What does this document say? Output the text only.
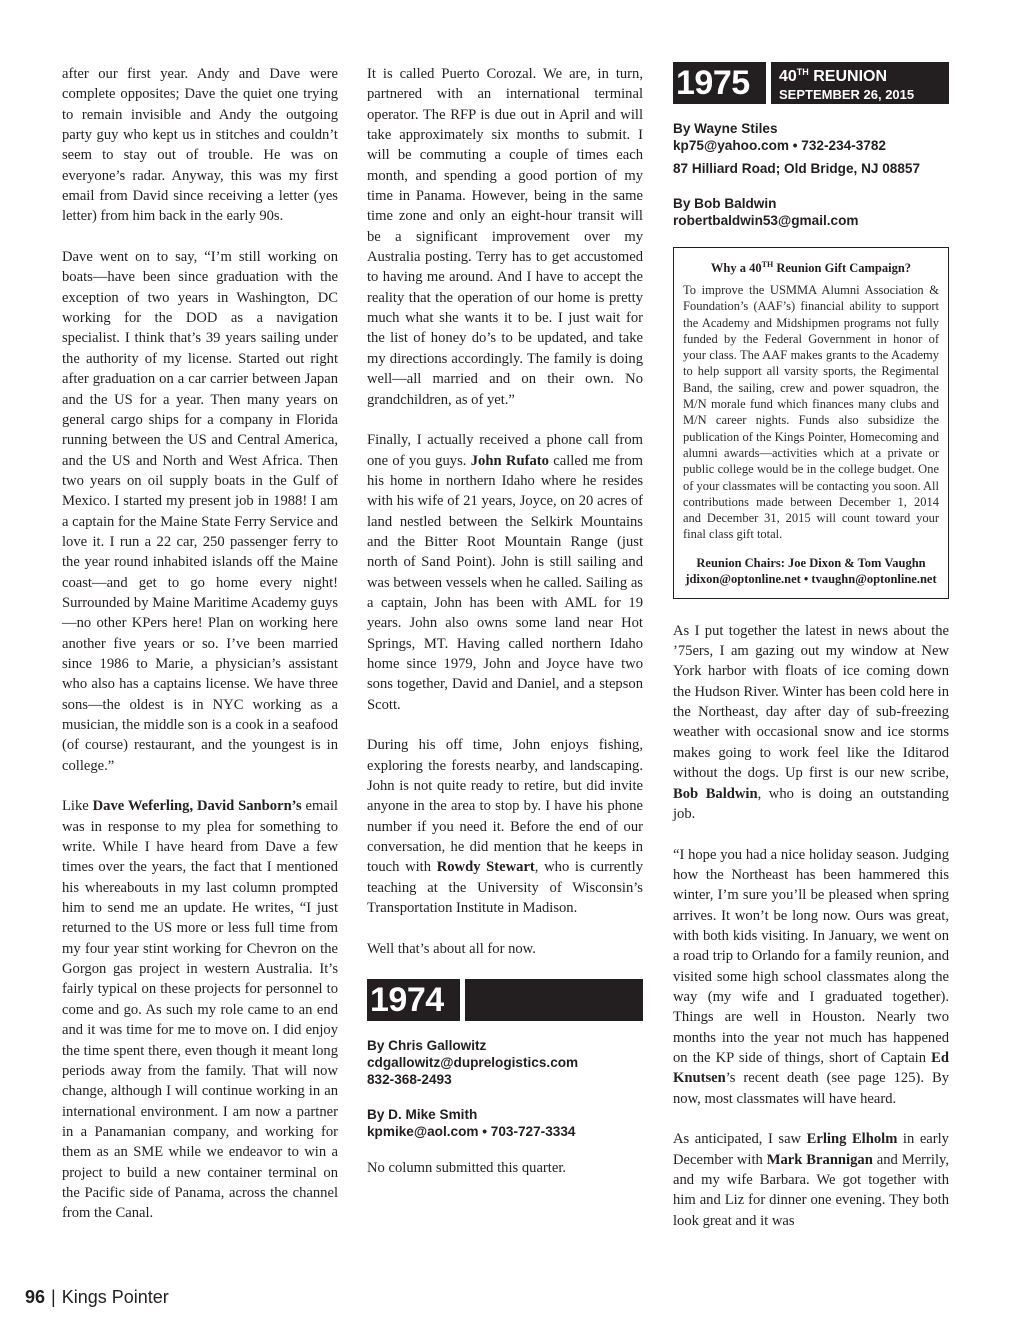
after our first year. Andy and Dave were complete opposites; Dave the quiet one trying to remain invisible and Andy the outgoing party guy who kept us in stitches and couldn’t seem to stay out of trouble. He was on everyone’s radar. Anyway, this was my first email from David since receiving a letter (yes letter) from him back in the early 90s.

Dave went on to say, “I’m still working on boats—have been since graduation with the exception of two years in Washington, DC working for the DOD as a navigation specialist. I think that’s 39 years sailing under the authority of my license. Started out right after graduation on a car carrier between Japan and the US for a year. Then many years on general cargo ships for a company in Florida running between the US and Central America, and the US and North and West Africa. Then two years on oil supply boats in the Gulf of Mexico. I started my present job in 1988! I am a captain for the Maine State Ferry Service and love it. I run a 22 car, 250 passenger ferry to the year round inhabited islands off the Maine coast—and get to go home every night! Surrounded by Maine Maritime Academy guys—no other KPers here! Plan on working here another five years or so. I’ve been married since 1986 to Marie, a physician’s assistant who also has a captains license. We have three sons—the oldest is in NYC working as a musician, the middle son is a cook in a seafood (of course) restaurant, and the youngest is in college.”

Like Dave Weferling, David Sanborn’s email was in response to my plea for something to write. While I have heard from Dave a few times over the years, the fact that I mentioned his whereabouts in my last column prompted him to send me an update. He writes, “I just returned to the US more or less full time from my four year stint working for Chevron on the Gorgon gas project in western Australia. It’s fairly typical on these projects for personnel to come and go. As such my role came to an end and it was time for me to move on. I did enjoy the time spent there, even though it meant long periods away from the family. That will now change, although I will continue working in an international environment. I am now a partner in a Panamanian company, and working for them as an SME while we endeavor to win a project to build a new container terminal on the Pacific side of Panama, across the channel from the Canal.

It is called Puerto Corozal. We are, in turn, partnered with an international terminal operator. The RFP is due out in April and will take approximately six months to submit. I will be commuting a couple of times each month, and spending a good portion of my time in Panama. However, being in the same time zone and only an eight-hour transit will be a significant improvement over my Australia posting. Terry has to get accustomed to having me around. And I have to accept the reality that the operation of our home is pretty much what she wants it to be. I just wait for the list of honey do’s to be updated, and take my directions accordingly. The family is doing well—all married and on their own. No grandchildren, as of yet.”

Finally, I actually received a phone call from one of you guys. John Rufato called me from his home in northern Idaho where he resides with his wife of 21 years, Joyce, on 20 acres of land nestled between the Selkirk Mountains and the Bitter Root Mountain Range (just north of Sand Point). John is still sailing and was between vessels when he called. Sailing as a captain, John has been with AML for 19 years. John also owns some land near Hot Springs, MT. Having called northern Idaho home since 1979, John and Joyce have two sons together, David and Daniel, and a stepson Scott.

During his off time, John enjoys fishing, exploring the forests nearby, and landscaping. John is not quite ready to retire, but did invite anyone in the area to stop by. I have his phone number if you need it. Before the end of our conversation, he did mention that he keeps in touch with Rowdy Stewart, who is currently teaching at the University of Wisconsin’s Transportation Institute in Madison.

Well that’s about all for now.

1974
By Chris Gallowitz
cdgallowitz@duprelogistics.com
832-368-2493
By D. Mike Smith
kpmike@aol.com • 703-727-3334

No column submitted this quarter.

1975	40TH REUNION
SEPTEMBER 26, 2015
By Wayne Stiles
kp75@yahoo.com • 732-234-3782
87 Hilliard Road; Old Bridge, NJ 08857
By Bob Baldwin
robertbaldwin53@gmail.com
Why a 40TH Reunion Gift Campaign?
To improve the USMMA Alumni Association & Foundation’s (AAF’s) financial ability to support the Academy and Midshipmen programs not fully funded by the Federal Government in honor of your class. The AAF makes grants to the Academy to help support all varsity sports, the Regimental Band, the sailing, crew and power squadron, the M/N morale fund which finances many clubs and M/N career nights. Funds also subsidize the publication of the Kings Pointer, Homecoming and alumni awards—activities which at a private or public college would be in the college budget. One of your classmates will be contacting you soon. All contributions made between December 1, 2014 and December 31, 2015 will count toward your final class gift total.
Reunion Chairs: Joe Dixon & Tom Vaughn
jdixon@optonline.net • tvaughn@optonline.net

As I put together the latest in news about the ’75ers, I am gazing out my window at New York harbor with floats of ice coming down the Hudson River. Winter has been cold here in the Northeast, day after day of sub-freezing weather with occasional snow and ice storms makes going to work feel like the Iditarod without the dogs. Up first is our new scribe, Bob Baldwin, who is doing an outstanding job.

“I hope you had a nice holiday season. Judging how the Northeast has been hammered this winter, I’m sure you’ll be pleased when spring arrives. It won’t be long now. Ours was great, with both kids visiting. In January, we went on a road trip to Orlando for a family reunion, and visited some high school classmates along the way (my wife and I graduated together). Things are well in Houston. Nearly two months into the year not much has happened on the KP side of things, short of Captain Ed Knutsen’s recent death (see page 125). By now, most classmates will have heard.

As anticipated, I saw Erling Elholm in early December with Mark Brannigan and Merrily, and my wife Barbara. We got together with him and Liz for dinner one evening. They both look great and it was

96 | Kings Pointer
